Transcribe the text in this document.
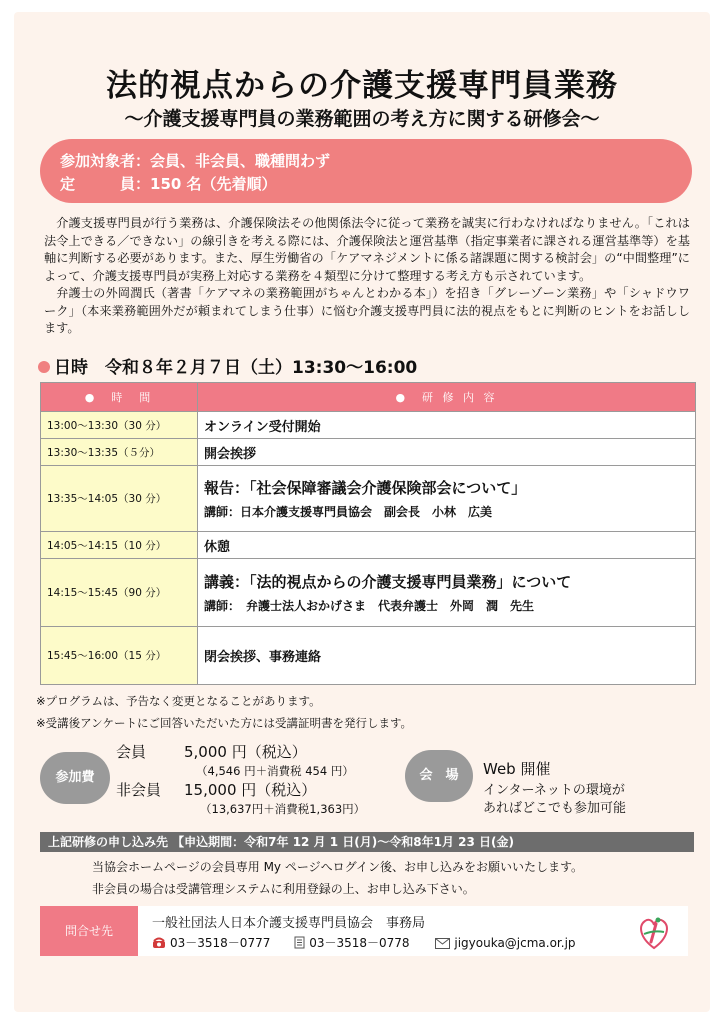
法的視点からの介護支援専門員業務
～介護支援専門員の業務範囲の考え方に関する研修会～
参加対象者：会員、非会員、職種問わず
定　　　員：150 名（先着順）

介護支援専門員が行う業務は、介護保険法その他関係法令に従って業務を誠実に行わなければなりません。「これは法令上できる／できない」の線引きを考える際には、介護保険法と運営基準（指定事業者に課される運営基準等）を基軸に判断する必要があります。また、厚生労働省の「ケアマネジメントに係る諸課題に関する検討会」の“中間整理”によって、介護支援専門員が実務上対応する業務を４類型に分けて整理する考え方も示されています。

弁護士の外岡潤氏（著書「ケアマネの業務範囲がちゃんとわかる本」）を招き「グレーゾーン業務」や「シャドウワーク」（本来業務範囲外だが頼まれてしまう仕事）に悩む介護支援専門員に法的視点をもとに判断のヒントをお話しします。

日時　令和８年２月７日（土）13:30～16:00
●　時　間	●　研 修 内 容
13:00～13:30（30 分）	オンライン受付開始

13:30～13:35（５分）	開会挨拶

13:35～14:05（30 分）	報告：「社会保障審議会介護保険部会について」
講師：日本介護支援専門員協会　副会長　小林　広美

14:05～14:15（10 分）	休憩

14:15～15:45（90 分）	講義：「法的視点からの介護支援専門員業務」について
講師：　弁護士法人おかげさま　代表弁護士　外岡　潤　先生

15:45～16:00（15 分）	閉会挨拶、事務連絡
※プログラムは、予告なく変更となることがあります。
※受講後アンケートにご回答いただいた方には受講証明書を発行します。
参加費
会員	5,000 円（税込）
（4,546 円＋消費税 454 円）
非会員 15,000 円（税込）
（13,637円＋消費税1,363円）
会　場	Web 開催
インターネットの環境が
あればどこでも参加可能
上記研修の申し込み先 【申込期間：令和7年 12 月 1 日(月)～令和8年1月 23 日(金)
当協会ホームページの会員専用 My ページへログイン後、お申し込みをお願いいたします。
非会員の場合は受講管理システムに利用登録の上、お申し込み下さい。
問合せ先	一般社団法人日本介護支援専門員協会　事務局
03－3518－0777	03－3518－0778	jigyouka@jcma.or.jp
